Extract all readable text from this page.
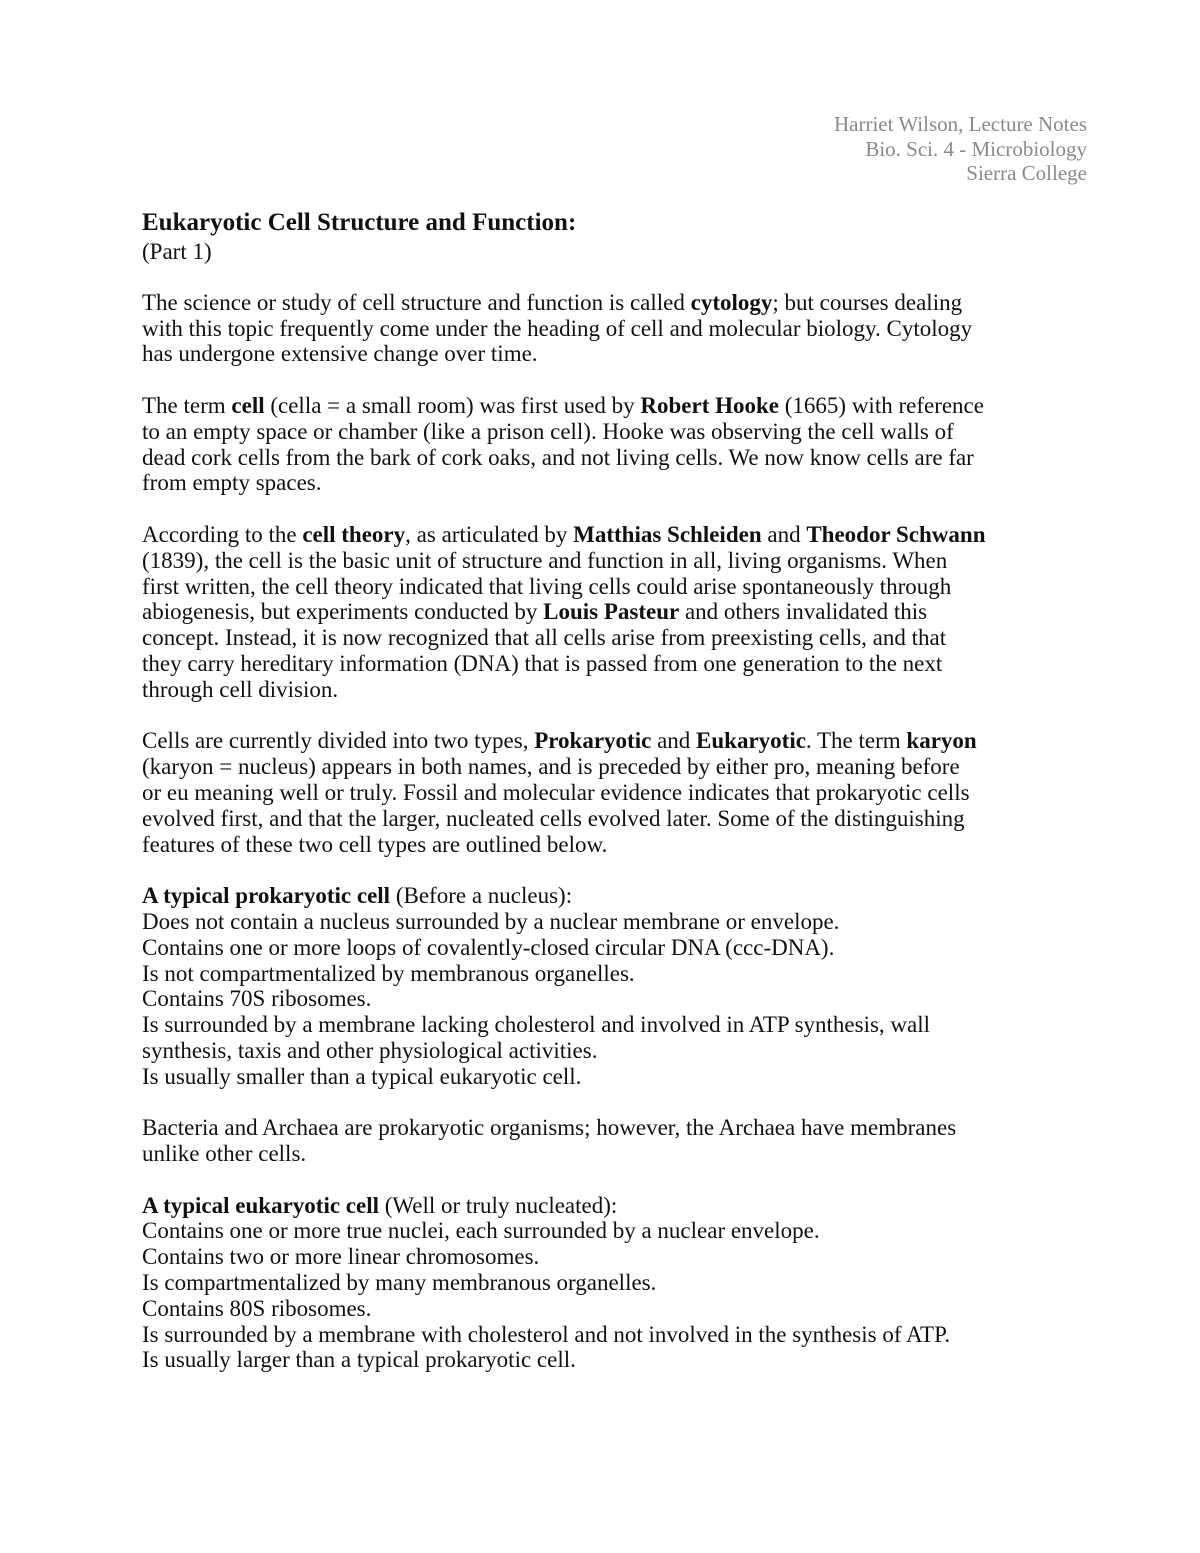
Harriet Wilson, Lecture Notes
Bio. Sci. 4 - Microbiology
Sierra College
Eukaryotic Cell Structure and Function:
(Part 1)

The science or study of cell structure and function is called cytology; but courses dealing
with this topic frequently come under the heading of cell and molecular biology. Cytology
has undergone extensive change over time.

The term cell (cella = a small room) was first used by Robert Hooke (1665) with reference
to an empty space or chamber (like a prison cell). Hooke was observing the cell walls of
dead cork cells from the bark of cork oaks, and not living cells. We now know cells are far
from empty spaces.

According to the cell theory, as articulated by Matthias Schleiden and Theodor Schwann
(1839), the cell is the basic unit of structure and function in all, living organisms. When
first written, the cell theory indicated that living cells could arise spontaneously through
abiogenesis, but experiments conducted by Louis Pasteur and others invalidated this
concept. Instead, it is now recognized that all cells arise from preexisting cells, and that
they carry hereditary information (DNA) that is passed from one generation to the next
through cell division.

Cells are currently divided into two types, Prokaryotic and Eukaryotic. The term karyon
(karyon = nucleus) appears in both names, and is preceded by either pro, meaning before
or eu meaning well or truly. Fossil and molecular evidence indicates that prokaryotic cells
evolved first, and that the larger, nucleated cells evolved later. Some of the distinguishing
features of these two cell types are outlined below.

A typical prokaryotic cell (Before a nucleus):
Does not contain a nucleus surrounded by a nuclear membrane or envelope.
Contains one or more loops of covalently-closed circular DNA (ccc-DNA).
Is not compartmentalized by membranous organelles.
Contains 70S ribosomes.
Is surrounded by a membrane lacking cholesterol and involved in ATP synthesis, wall
synthesis, taxis and other physiological activities.
Is usually smaller than a typical eukaryotic cell.

Bacteria and Archaea are prokaryotic organisms; however, the Archaea have membranes
unlike other cells.

A typical eukaryotic cell (Well or truly nucleated):
Contains one or more true nuclei, each surrounded by a nuclear envelope.
Contains two or more linear chromosomes.
Is compartmentalized by many membranous organelles.
Contains 80S ribosomes.
Is surrounded by a membrane with cholesterol and not involved in the synthesis of ATP.
Is usually larger than a typical prokaryotic cell.
